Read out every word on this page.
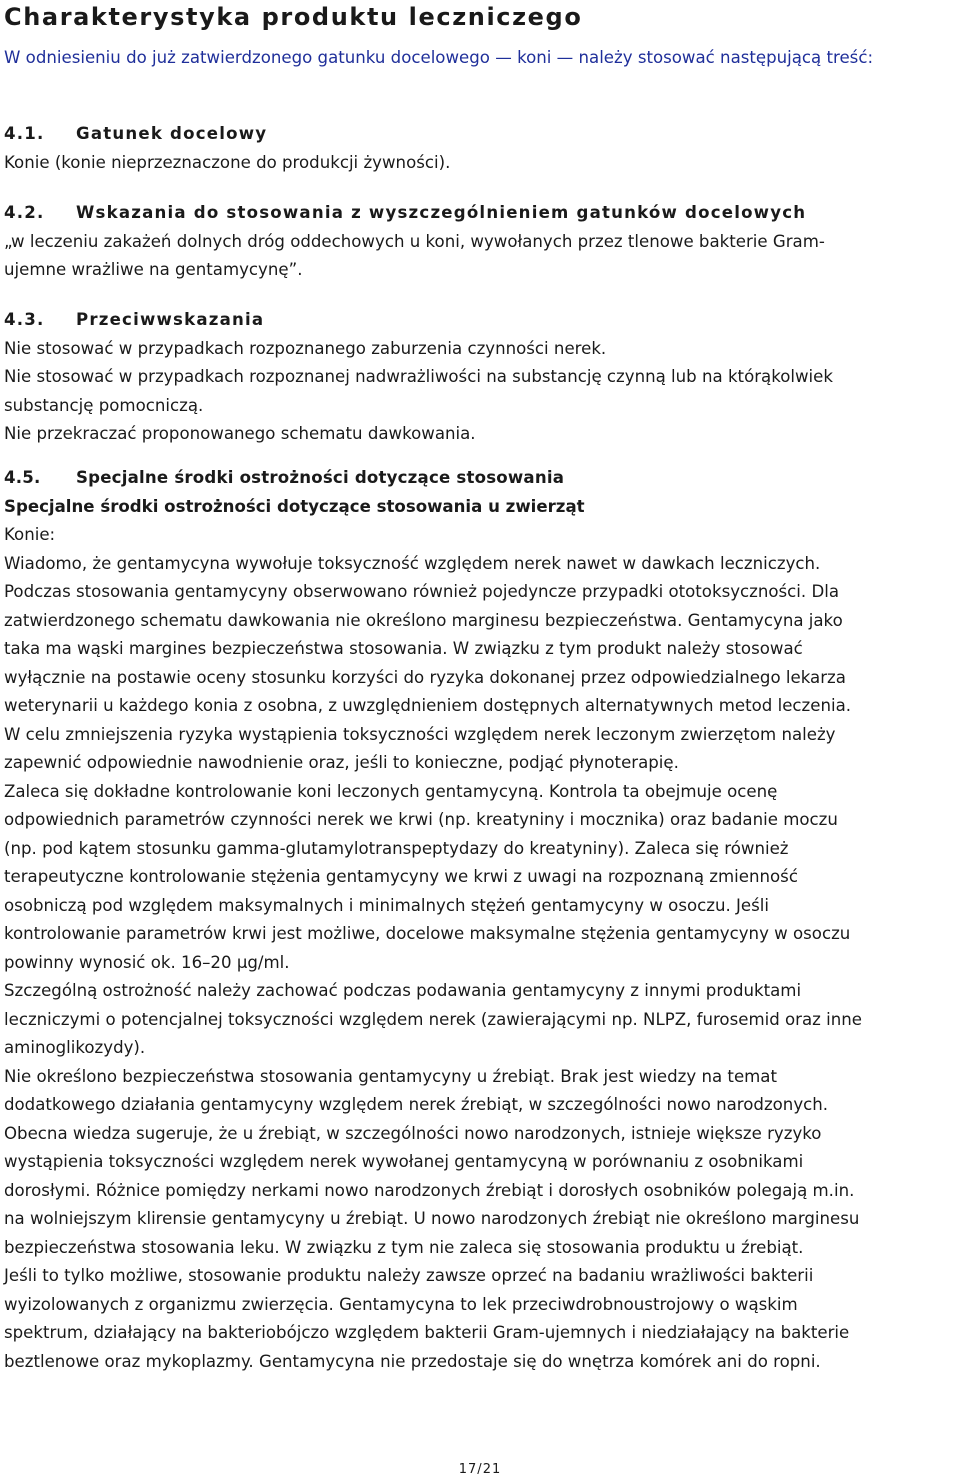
Charakterystyka produktu leczniczego
W odniesieniu do już zatwierdzonego gatunku docelowego — koni — należy stosować następującą treść:
4.1. Gatunek docelowy
Konie (konie nieprzeznaczone do produkcji żywności).
4.2. Wskazania do stosowania z wyszczególnieniem gatunków docelowych
„w leczeniu zakażeń dolnych dróg oddechowych u koni, wywołanych przez tlenowe bakterie Gram-
ujemne wrażliwe na gentamycynę”.
4.3. Przeciwwskazania
Nie stosować w przypadkach rozpoznanego zaburzenia czynności nerek.
Nie stosować w przypadkach rozpoznanej nadwrażliwości na substancję czynną lub na którąkolwiek
substancję pomocniczą.
Nie przekraczać proponowanego schematu dawkowania.
4.5. Specjalne środki ostrożności dotyczące stosowania
Specjalne środki ostrożności dotyczące stosowania u zwierząt
Konie:
Wiadomo, że gentamycyna wywołuje toksyczność względem nerek nawet w dawkach leczniczych.
Podczas stosowania gentamycyny obserwowano również pojedyncze przypadki ototoksyczności. Dla
zatwierdzonego schematu dawkowania nie określono marginesu bezpieczeństwa. Gentamycyna jako
taka ma wąski margines bezpieczeństwa stosowania. W związku z tym produkt należy stosować
wyłącznie na postawie oceny stosunku korzyści do ryzyka dokonanej przez odpowiedzialnego lekarza
weterynarii u każdego konia z osobna, z uwzględnieniem dostępnych alternatywnych metod leczenia.
W celu zmniejszenia ryzyka wystąpienia toksyczności względem nerek leczonym zwierzętom należy
zapewnić odpowiednie nawodnienie oraz, jeśli to konieczne, podjąć płynoterapię.
Zaleca się dokładne kontrolowanie koni leczonych gentamycyną. Kontrola ta obejmuje ocenę
odpowiednich parametrów czynności nerek we krwi (np. kreatyniny i mocznika) oraz badanie moczu
(np. pod kątem stosunku gamma-glutamylotranspeptydazy do kreatyniny). Zaleca się również
terapeutyczne kontrolowanie stężenia gentamycyny we krwi z uwagi na rozpoznaną zmienność
osobniczą pod względem maksymalnych i minimalnych stężeń gentamycyny w osoczu. Jeśli
kontrolowanie parametrów krwi jest możliwe, docelowe maksymalne stężenia gentamycyny w osoczu
powinny wynosić ok. 16–20 µg/ml.
Szczególną ostrożność należy zachować podczas podawania gentamycyny z innymi produktami
leczniczymi o potencjalnej toksyczności względem nerek (zawierającymi np. NLPZ, furosemid oraz inne
aminoglikozydy).
Nie określono bezpieczeństwa stosowania gentamycyny u źrebiąt. Brak jest wiedzy na temat
dodatkowego działania gentamycyny względem nerek źrebiąt, w szczególności nowo narodzonych.
Obecna wiedza sugeruje, że u źrebiąt, w szczególności nowo narodzonych, istnieje większe ryzyko
wystąpienia toksyczności względem nerek wywołanej gentamycyną w porównaniu z osobnikami
dorosłymi. Różnice pomiędzy nerkami nowo narodzonych źrebiąt i dorosłych osobników polegają m.in.
na wolniejszym klirensie gentamycyny u źrebiąt. U nowo narodzonych źrebiąt nie określono marginesu
bezpieczeństwa stosowania leku. W związku z tym nie zaleca się stosowania produktu u źrebiąt.
Jeśli to tylko możliwe, stosowanie produktu należy zawsze oprzeć na badaniu wrażliwości bakterii
wyizolowanych z organizmu zwierzęcia. Gentamycyna to lek przeciwdrobnoustrojowy o wąskim
spektrum, działający na bakteriobójczo względem bakterii Gram-ujemnych i niedziałający na bakterie
beztlenowe oraz mykoplazmy. Gentamycyna nie przedostaje się do wnętrza komórek ani do ropni.
17/21
